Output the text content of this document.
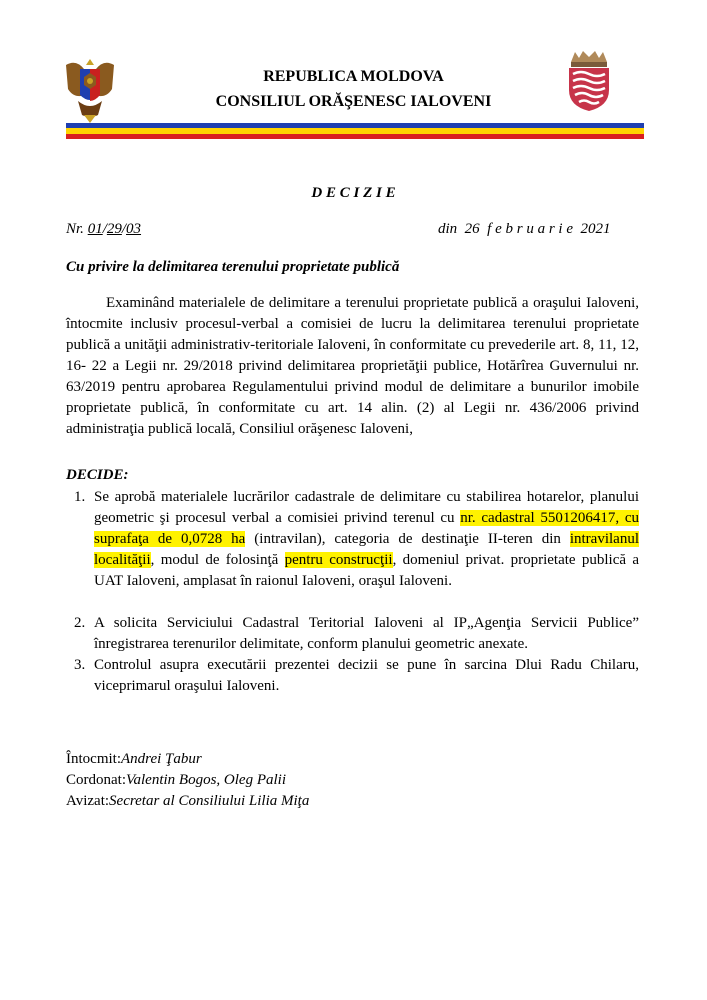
REPUBLICA MOLDOVA
CONSILIUL ORĂŞENESC IALOVENI
D E C I Z I E
Nr. 01/29/03	din  26  f e b r u a r i e  2021
Cu privire la delimitarea terenului proprietate publică
Examinând materialele de delimitare a terenului proprietate publică a oraşului Ialoveni, întocmite inclusiv procesul-verbal a comisiei de lucru la delimitarea terenului proprietate publică a unităţii administrativ-teritoriale Ialoveni, în conformitate cu prevederile art. 8, 11, 12, 16- 22 a Legii nr. 29/2018 privind delimitarea proprietăţii publice, Hotărîrea Guvernului nr. 63/2019 pentru aprobarea Regulamentului privind modul de delimitare a bunurilor imobile proprietate publică, în conformitate cu art. 14 alin. (2) al Legii nr. 436/2006 privind administraţia publică locală, Consiliul orăşenesc Ialoveni,
DECIDE:
1. Se aprobă materialele lucrărilor cadastrale de delimitare cu stabilirea hotarelor, planului geometric şi procesul verbal a comisiei privind terenul cu nr. cadastral 5501206417, cu suprafaţa de 0,0728 ha (intravilan), categoria de destinaţie II-teren din intravilanul localităţii, modul de folosinţă pentru construcţii, domeniul privat. proprietate publică a UAT Ialoveni, amplasat în raionul Ialoveni, oraşul Ialoveni.
2. A solicita Serviciului Cadastral Teritorial Ialoveni al IP„Agenţia Servicii Publice” înregistrarea terenurilor delimitate, conform planului geometric anexate.
3. Controlul asupra executării prezentei decizii se pune în sarcina Dlui Radu Chilaru, viceprimarul oraşului Ialoveni.
Întocmit:Andrei Ţabur
Cordonat:Valentin Bogos, Oleg Palii
Avizat:Secretar al Consiliului Lilia Miţa
